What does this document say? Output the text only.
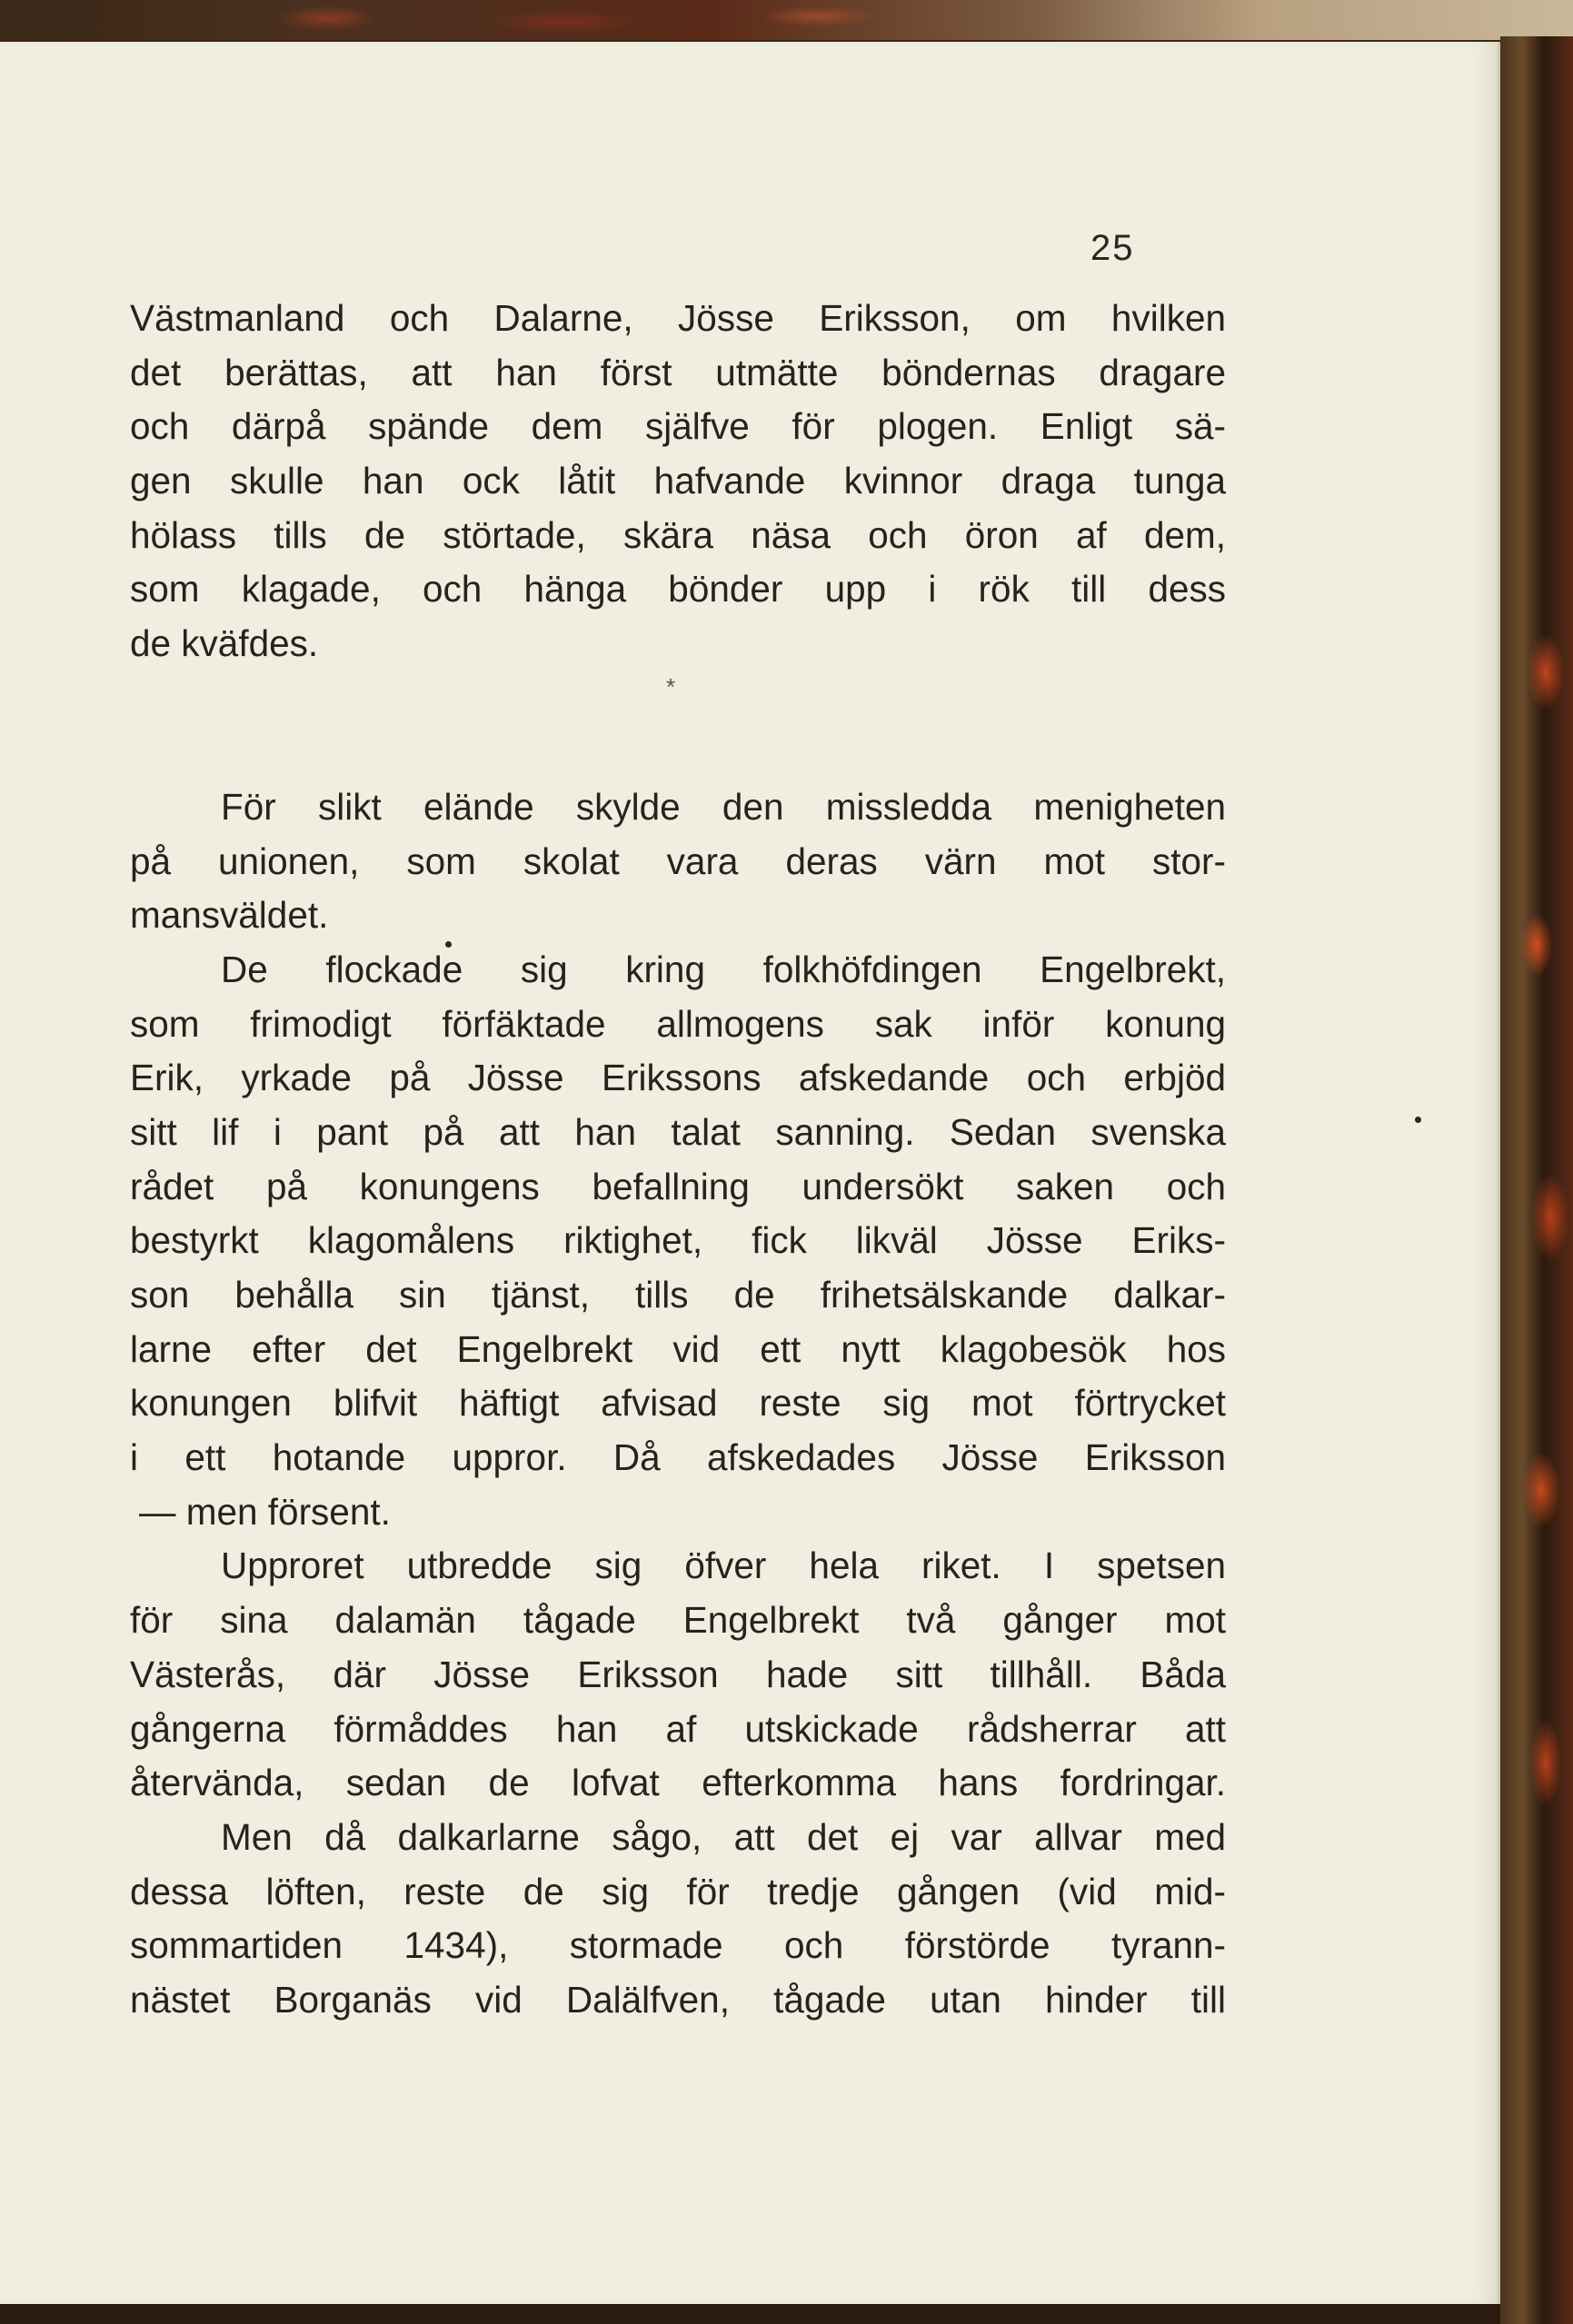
25
Västmanland och Dalarne, Jösse Eriksson, om hvilken
det berättas, att han först utmätte böndernas dragare
och därpå spände dem själfve för plogen. Enligt sä-
gen skulle han ock låtit hafvande kvinnor draga tunga
hölass tills de störtade, skära näsa och öron af dem,
som klagade, och hänga bönder upp i rök till dess
de kväfdes.
*
För slikt elände skylde den missledda menigheten
på unionen, som skolat vara deras värn mot stor-
mansväldet.
De flockade sig kring folkhöfdingen Engelbrekt,
som frimodigt förfäktade allmogens sak inför konung
Erik, yrkade på Jösse Erikssons afskedande och erbjöd
sitt lif i pant på att han talat sanning. Sedan svenska
rådet på konungens befallning undersökt saken och
bestyrkt klagomålens riktighet, fick likväl Jösse Eriks-
son behålla sin tjänst, tills de frihetsälskande dalkar-
larne efter det Engelbrekt vid ett nytt klagobesök hos
konungen blifvit häftigt afvisad reste sig mot förtrycket
i ett hotande uppror. Då afskedades Jösse Eriksson
— men försent.
Upproret utbredde sig öfver hela riket. I spetsen
för sina dalamän tågade Engelbrekt två gånger mot
Västerås, där Jösse Eriksson hade sitt tillhåll. Båda
gångerna förmåddes han af utskickade rådsherrar att
återvända, sedan de lofvat efterkomma hans fordringar.
Men då dalkarlarne sågo, att det ej var allvar med
dessa löften, reste de sig för tredje gången (vid mid-
sommartiden 1434), stormade och förstörde tyrann-
nästet Borganäs vid Dalälfven, tågade utan hinder till
